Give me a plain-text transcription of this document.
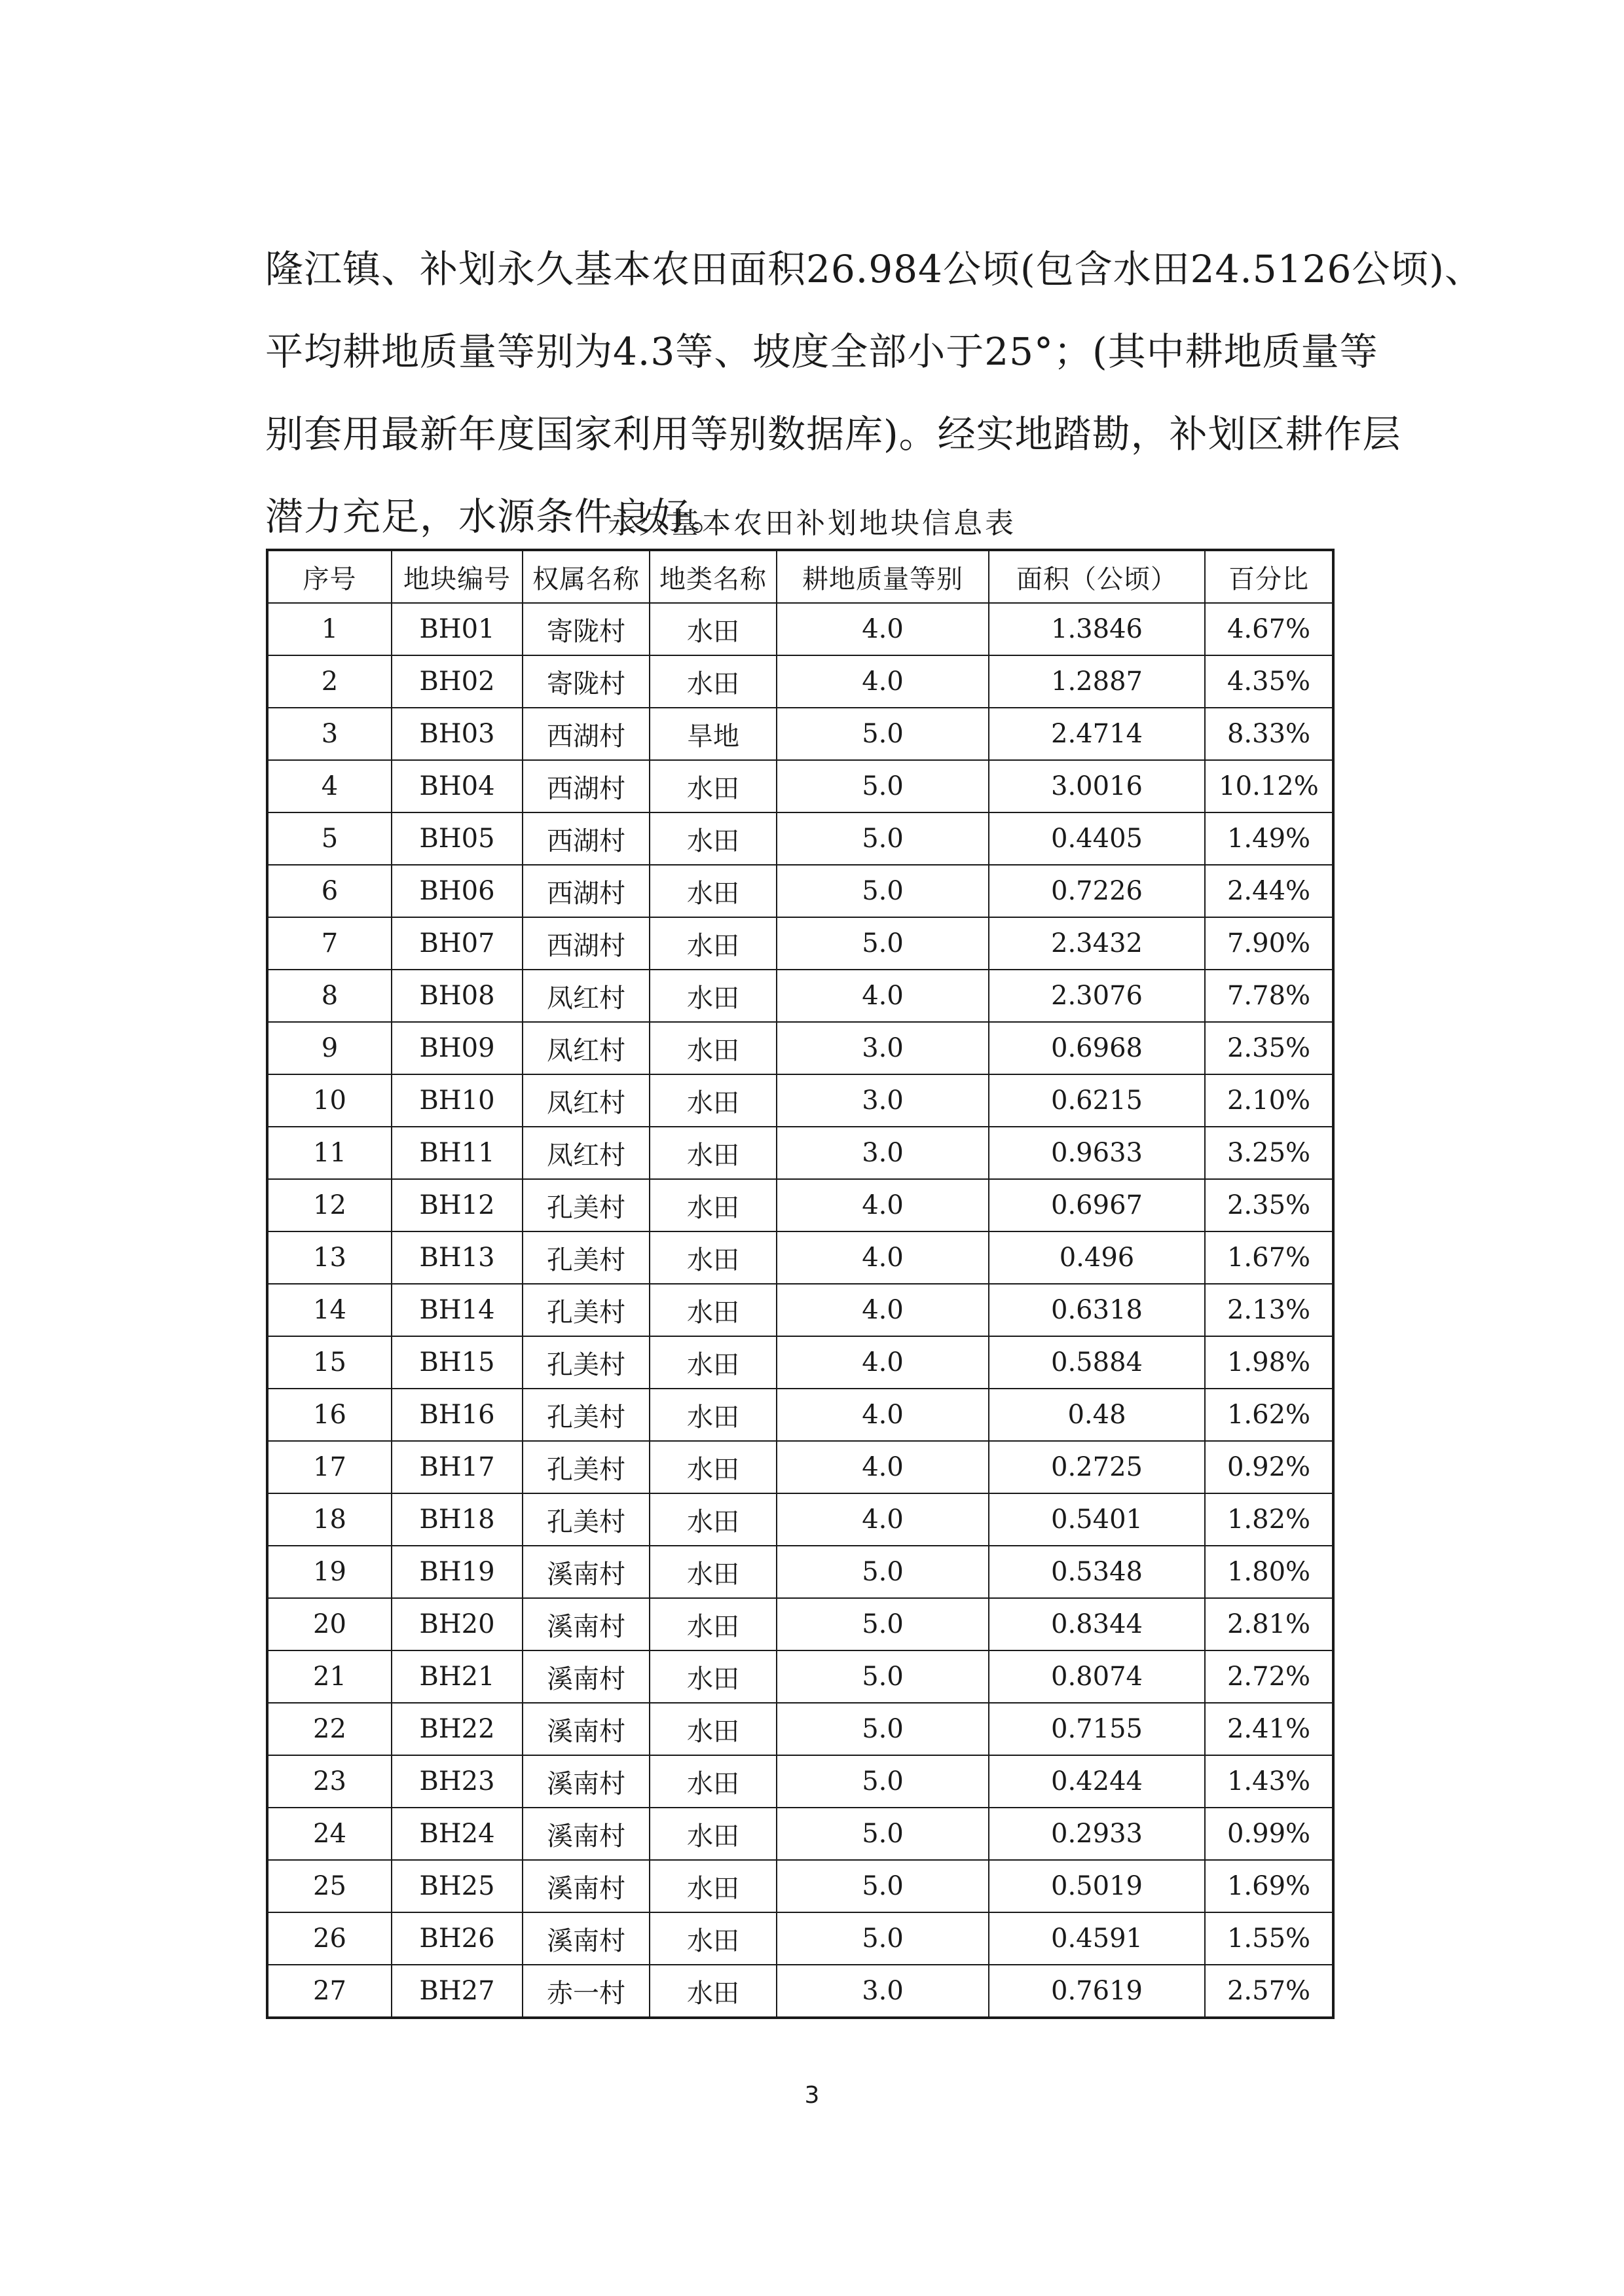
隆江镇、补划永久基本农田面积26.984公顷(包含水田24.5126公顷)、
平均耕地质量等别为4.3等、坡度全部小于25°；(其中耕地质量等
别套用最新年度国家利用等别数据库)。经实地踏勘，补划区耕作层
潜力充足，水源条件良好。
永久基本农田补划地块信息表
序号	地块编号	权属名称	地类名称	耕地质量等别	面积（公顷）	百分比
1	BH01	寄陇村	水田	4.0	1.3846	4.67%
2	BH02	寄陇村	水田	4.0	1.2887	4.35%
3	BH03	西湖村	旱地	5.0	2.4714	8.33%
4	BH04	西湖村	水田	5.0	3.0016	10.12%
5	BH05	西湖村	水田	5.0	0.4405	1.49%
6	BH06	西湖村	水田	5.0	0.7226	2.44%
7	BH07	西湖村	水田	5.0	2.3432	7.90%
8	BH08	凤红村	水田	4.0	2.3076	7.78%
9	BH09	凤红村	水田	3.0	0.6968	2.35%
10	BH10	凤红村	水田	3.0	0.6215	2.10%
11	BH11	凤红村	水田	3.0	0.9633	3.25%
12	BH12	孔美村	水田	4.0	0.6967	2.35%
13	BH13	孔美村	水田	4.0	0.496	1.67%
14	BH14	孔美村	水田	4.0	0.6318	2.13%
15	BH15	孔美村	水田	4.0	0.5884	1.98%
16	BH16	孔美村	水田	4.0	0.48	1.62%
17	BH17	孔美村	水田	4.0	0.2725	0.92%
18	BH18	孔美村	水田	4.0	0.5401	1.82%
19	BH19	溪南村	水田	5.0	0.5348	1.80%
20	BH20	溪南村	水田	5.0	0.8344	2.81%
21	BH21	溪南村	水田	5.0	0.8074	2.72%
22	BH22	溪南村	水田	5.0	0.7155	2.41%
23	BH23	溪南村	水田	5.0	0.4244	1.43%
24	BH24	溪南村	水田	5.0	0.2933	0.99%
25	BH25	溪南村	水田	5.0	0.5019	1.69%
26	BH26	溪南村	水田	5.0	0.4591	1.55%
27	BH27	赤一村	水田	3.0	0.7619	2.57%
3
